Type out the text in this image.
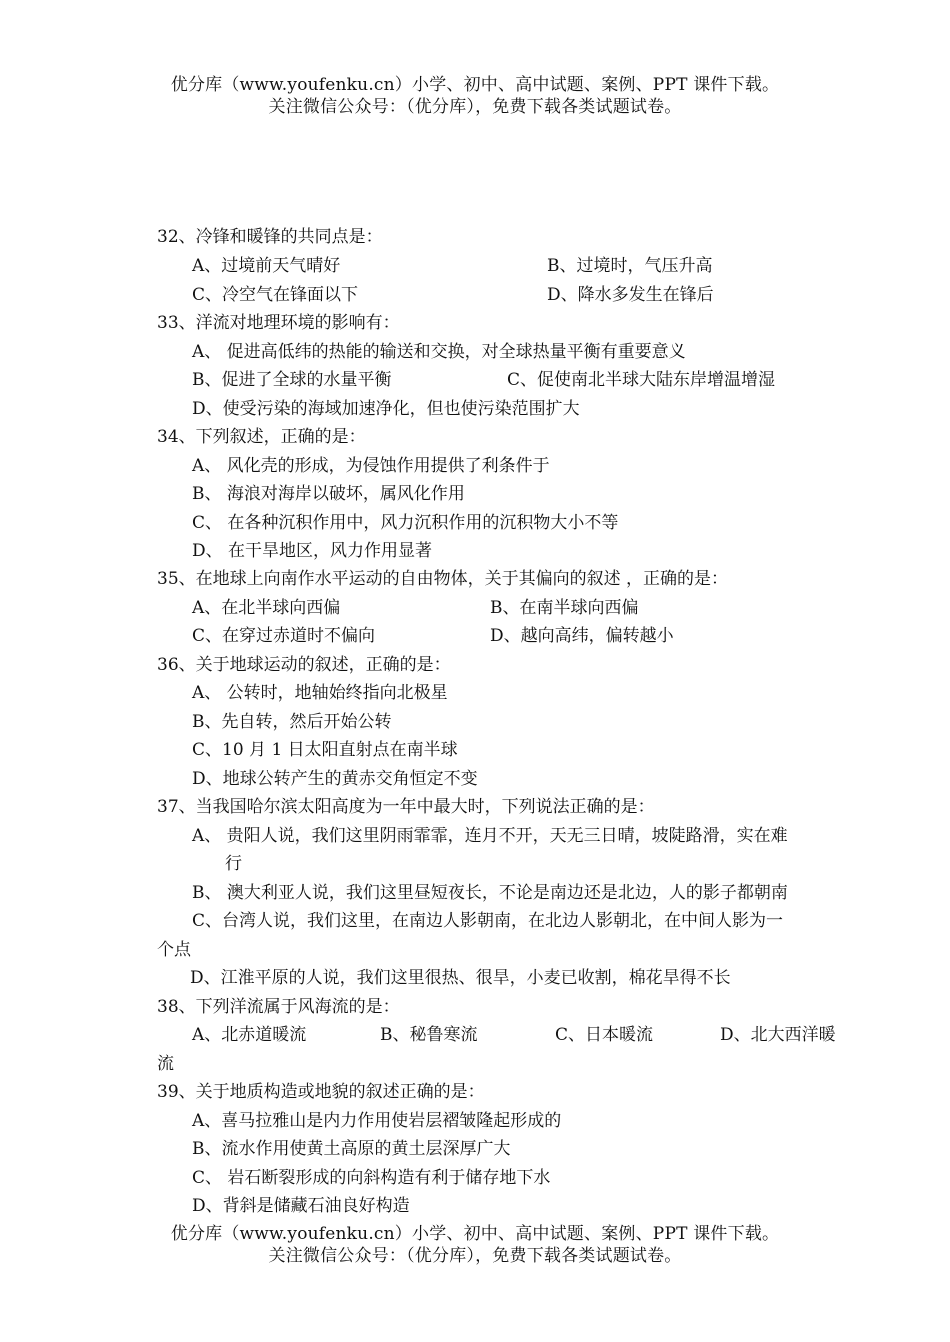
优分库（www.youfenku.cn）小学、初中、高中试题、案例、PPT 课件下载。
关注微信公众号：（优分库），免费下载各类试题试卷。
32、冷锋和暖锋的共同点是：
A、过境前天气晴好	B、过境时，气压升高
C、冷空气在锋面以下	D、降水多发生在锋后
33、洋流对地理环境的影响有：
A、 促进高低纬的热能的输送和交换，对全球热量平衡有重要意义
B、促进了全球的水量平衡	C、促使南北半球大陆东岸增温增湿
D、使受污染的海域加速净化，但也使污染范围扩大
34、下列叙述，正确的是：
A、 风化壳的形成，为侵蚀作用提供了利条件于
B、 海浪对海岸以破坏，属风化作用
C、 在各种沉积作用中，风力沉积作用的沉积物大小不等
D、 在干旱地区，风力作用显著
35、在地球上向南作水平运动的自由物体，关于其偏向的叙述 ，正确的是：
A、在北半球向西偏	B、在南半球向西偏
C、在穿过赤道时不偏向	D、越向高纬，偏转越小
36、关于地球运动的叙述，正确的是：
A、 公转时，地轴始终指向北极星
B、先自转，然后开始公转
C、10 月 1 日太阳直射点在南半球
D、地球公转产生的黄赤交角恒定不变
37、当我国哈尔滨太阳高度为一年中最大时，下列说法正确的是：
A、 贵阳人说，我们这里阴雨霏霏，连月不开，天无三日晴，坡陡路滑，实在难
行
B、 澳大利亚人说，我们这里昼短夜长，不论是南边还是北边，人的影子都朝南
C、台湾人说，我们这里，在南边人影朝南，在北边人影朝北，在中间人影为一
个点
D、江淮平原的人说，我们这里很热、很旱，小麦已收割，棉花旱得不长
38、下列洋流属于风海流的是：
A、北赤道暖流	B、秘鲁寒流	C、日本暖流	D、北大西洋暖
流
39、关于地质构造或地貌的叙述正确的是：
A、喜马拉雅山是内力作用使岩层褶皱隆起形成的
B、流水作用使黄土高原的黄土层深厚广大
C、 岩石断裂形成的向斜构造有利于储存地下水
D、背斜是储藏石油良好构造
优分库（www.youfenku.cn）小学、初中、高中试题、案例、PPT 课件下载。
关注微信公众号：（优分库），免费下载各类试题试卷。
